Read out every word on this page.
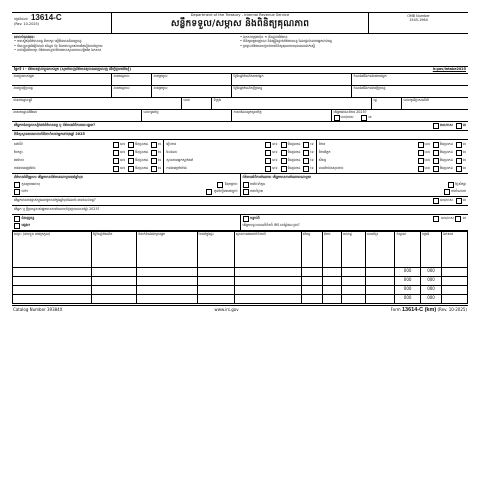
ទម្រង់លេខ 13614-C
(Rev. 10-2025)
Department of the Treasury - Internal Revenue Service
សន្លឹកទទួល/សម្ភាស និងពិនិត្យគុណភាព
OMB Number
1545-1964

គោលបំណងនេះ

• ការស្នើសុំព័ត៌មានពន្ធ ពិភាក្សា ស្ទើមិនមានជំនាញពន្ធ

• បំពេញទម្រង់រៀងរាល់ សំណួរ ខែ នៃការបណ្តាស់ការតែរៀងចាប់ក្រោម

• ចាប់ផ្តើមពិភាក្សា ព័ត៌មានបន្ទាប់ពីការមានស្ថានភាពលម្អិតតែ ឯកសារ

• ឯកសារក្រុមហ៊ុន ១ និងផ្តល់ព័ត៌មាន

• ពិនិត្យអត្តសញ្ញាណ និងផ្ទៀងផ្ទាត់ព័ត៌មានពន្ធ ដែលផ្តល់ដោយអ្នកជាប់ពន្ធ

• ប្រមូលព័ត៌មានសម្រាប់ការពិនិត្យគុណភាពមុនពេលដាក់ស្នើ

ផ្នែកទី I - ព័ត៌មានផ្ទាល់ខ្លួនរបស់អ្នក (សូមបំពេញព័ត៌មានឲ្យបានពេញលេញ ដើម្បីជួយយើងខ្ញុំ)	ir.gov/intake2025
នាមខ្លួនរបស់អ្នក	នាមកណ្តាល	នាមត្រកូល	ថ្ងៃខែឆ្នាំកំណើតរបស់អ្នក	ចំណងជើងការងាររបស់អ្នក
នាមខ្លួនប្តីប្រពន្ធ	នាមកណ្តាល	នាមត្រកូល	ថ្ងៃខែឆ្នាំកំណើតប្តីប្រពន្ធ	ចំណងជើងការងារប្តីប្រពន្ធ
អាសយដ្ឋានផ្លូវ	លេខ	ទីក្រុង	រដ្ឋ	លេខកូដប្រៃសណីយ៍
អាសយដ្ឋានអ៊ីមែល	លេខទូរស័ព្ទ	ភាសាដែលអ្នកចូលចិត្ត	តើអ្នកជាជនពិការ 2025?
បាទ/ចាស	ទេ
តើអ្នកចង់ទទួលសៀវភៅព័ត៌មានពន្ធ ឬ ព័ត៌មានអំពីការបោះឆ្នោត?	បាទ/ចាស	ទេ
ពិនិត្យស្ថានភាពអាពាហ៍ពិពាហ៍របស់អ្នកនៅចុងឆ្នាំ 2025
នៅលីវ	បាទ	មិនប្រាកដ	ទេ
បែកគ្នា	បាទ	មិនប្រាកដ	ទេ
មេម៉ាយ	បាទ	មិនប្រាកដ	ទេ
ការងារពេញម៉ោង	បាទ	មិនប្រាកដ	ទេ
រៀបការ	បាទ	មិនប្រាកដ	ទេ
លែងលះ	បាទ	មិនប្រាកដ	ទេ
ស្ថានភាពអ្នកស្នាក់នៅ	បាទ	មិនប្រាកដ	ទេ
ការងារក្រៅម៉ោង	បាទ	មិនប្រាកដ	ទេ
ពិការ	បាទ	មិនប្រាកដ	ទេ
ពិការភ្នែក	បាទ	មិនប្រាកដ	ទេ
សិស្ស	បាទ	មិនប្រាកដ	ទេ
ធានារ៉ាប់រងសុខភាព	បាទ	មិនប្រាកដ	ទេ
ព័ត៌មានអំពីគ្រួសារ តើអ្នកមានព័ត៌មានណាមួយនៅឆ្នាំមុន
កូនក្រោមអាយុ	ឪពុកម្តាយ
ចៅៗ	កូនចិញ្ចឹមតាមច្បាប់
ព័ត៌មានអំពីការចំណាយ តើអ្នកមានការចំណាយណាមួយ
ការថែទាំកូន	ថ្លៃសិក្សា
ការបរិច្ចាគ	ការចំណាយ
តើអ្នកមានការផ្លាស់ប្តូរណាមួយនៅក្នុងឆ្នាំមុនដែលប៉ះពាល់ដល់ពន្ធ?	បាទ/ចាស	ទេ
តើអ្នក ឬ ប្តីប្រពន្ធរបស់អ្នកមានការចំណាយថ្លៃព្យាបាលនៅឆ្នាំ 2025?
ជំនាញពន្ធ
ផ្សេងៗ
បន្ទាប់ពី	បាទ/ចាស	ទេ
តើអ្នកទទួលបានលិខិតពី IRS នៅឆ្នាំនេះឬទេ?
ឈ្មោះ (នាមខ្លួន នាមត្រកូល)	ថ្ងៃខែឆ្នាំកំណើត	ទំនាក់ទំនងជាមួយអ្នក	ខែនៅក្នុងផ្ទះ	ស្ថានភាពអាពាហ៍ពិពាហ៍	សិស្ស	ពិការ	ពលរដ្ឋ	បានគាំទ្រ	ចំណូល	ទម្រង់	ឯកសារ
									000	000	
									000	000	
									000	000	
									000	000	
Catalog Number 39384X	www.irs.gov	Form 13614-C (km) (Rev. 10-2025)
